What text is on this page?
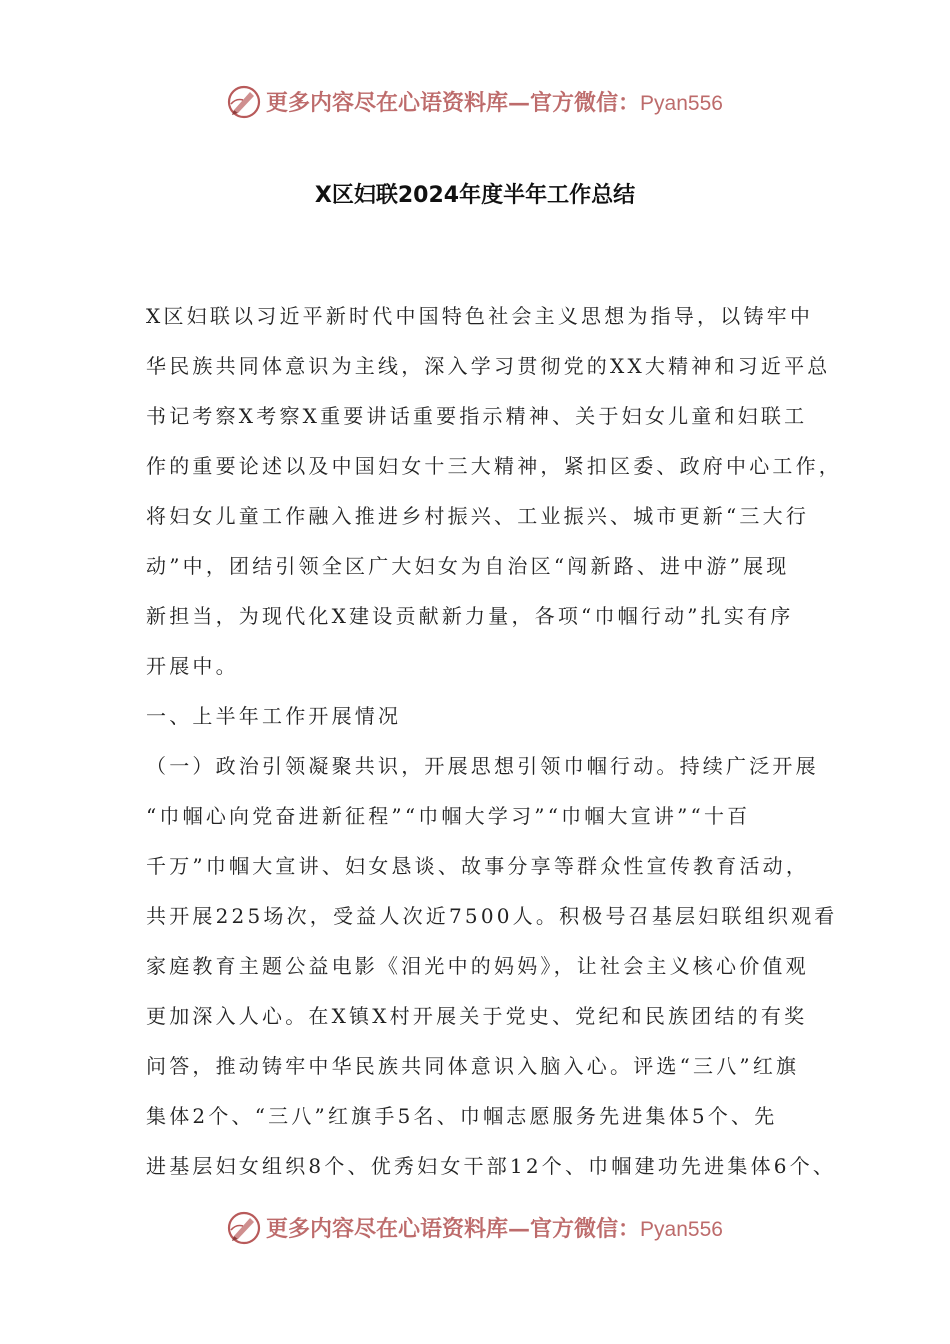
更多内容尽在心语资料库—官方微信：Pyan556
X区妇联2024年度半年工作总结
X区妇联以习近平新时代中国特色社会主义思想为指导，以铸牢中
华民族共同体意识为主线，深入学习贯彻党的XX大精神和习近平总
书记考察X考察X重要讲话重要指示精神、关于妇女儿童和妇联工
作的重要论述以及中国妇女十三大精神，紧扣区委、政府中心工作，
将妇女儿童工作融入推进乡村振兴、工业振兴、城市更新“三大行
动”中，团结引领全区广大妇女为自治区“闯新路、进中游”展现
新担当，为现代化X建设贡献新力量，各项“巾帼行动”扎实有序
开展中。
一、上半年工作开展情况
（一）政治引领凝聚共识，开展思想引领巾帼行动。持续广泛开展
“巾帼心向党奋进新征程”“巾帼大学习”“巾帼大宣讲”“十百
千万”巾帼大宣讲、妇女恳谈、故事分享等群众性宣传教育活动，
共开展225场次，受益人次近7500人。积极号召基层妇联组织观看
家庭教育主题公益电影《泪光中的妈妈》，让社会主义核心价值观
更加深入人心。在X镇X村开展关于党史、党纪和民族团结的有奖
问答，推动铸牢中华民族共同体意识入脑入心。评选“三八”红旗
集体2个、“三八”红旗手5名、巾帼志愿服务先进集体5个、先
进基层妇女组织8个、优秀妇女干部12个、巾帼建功先进集体6个、
更多内容尽在心语资料库—官方微信：Pyan556
